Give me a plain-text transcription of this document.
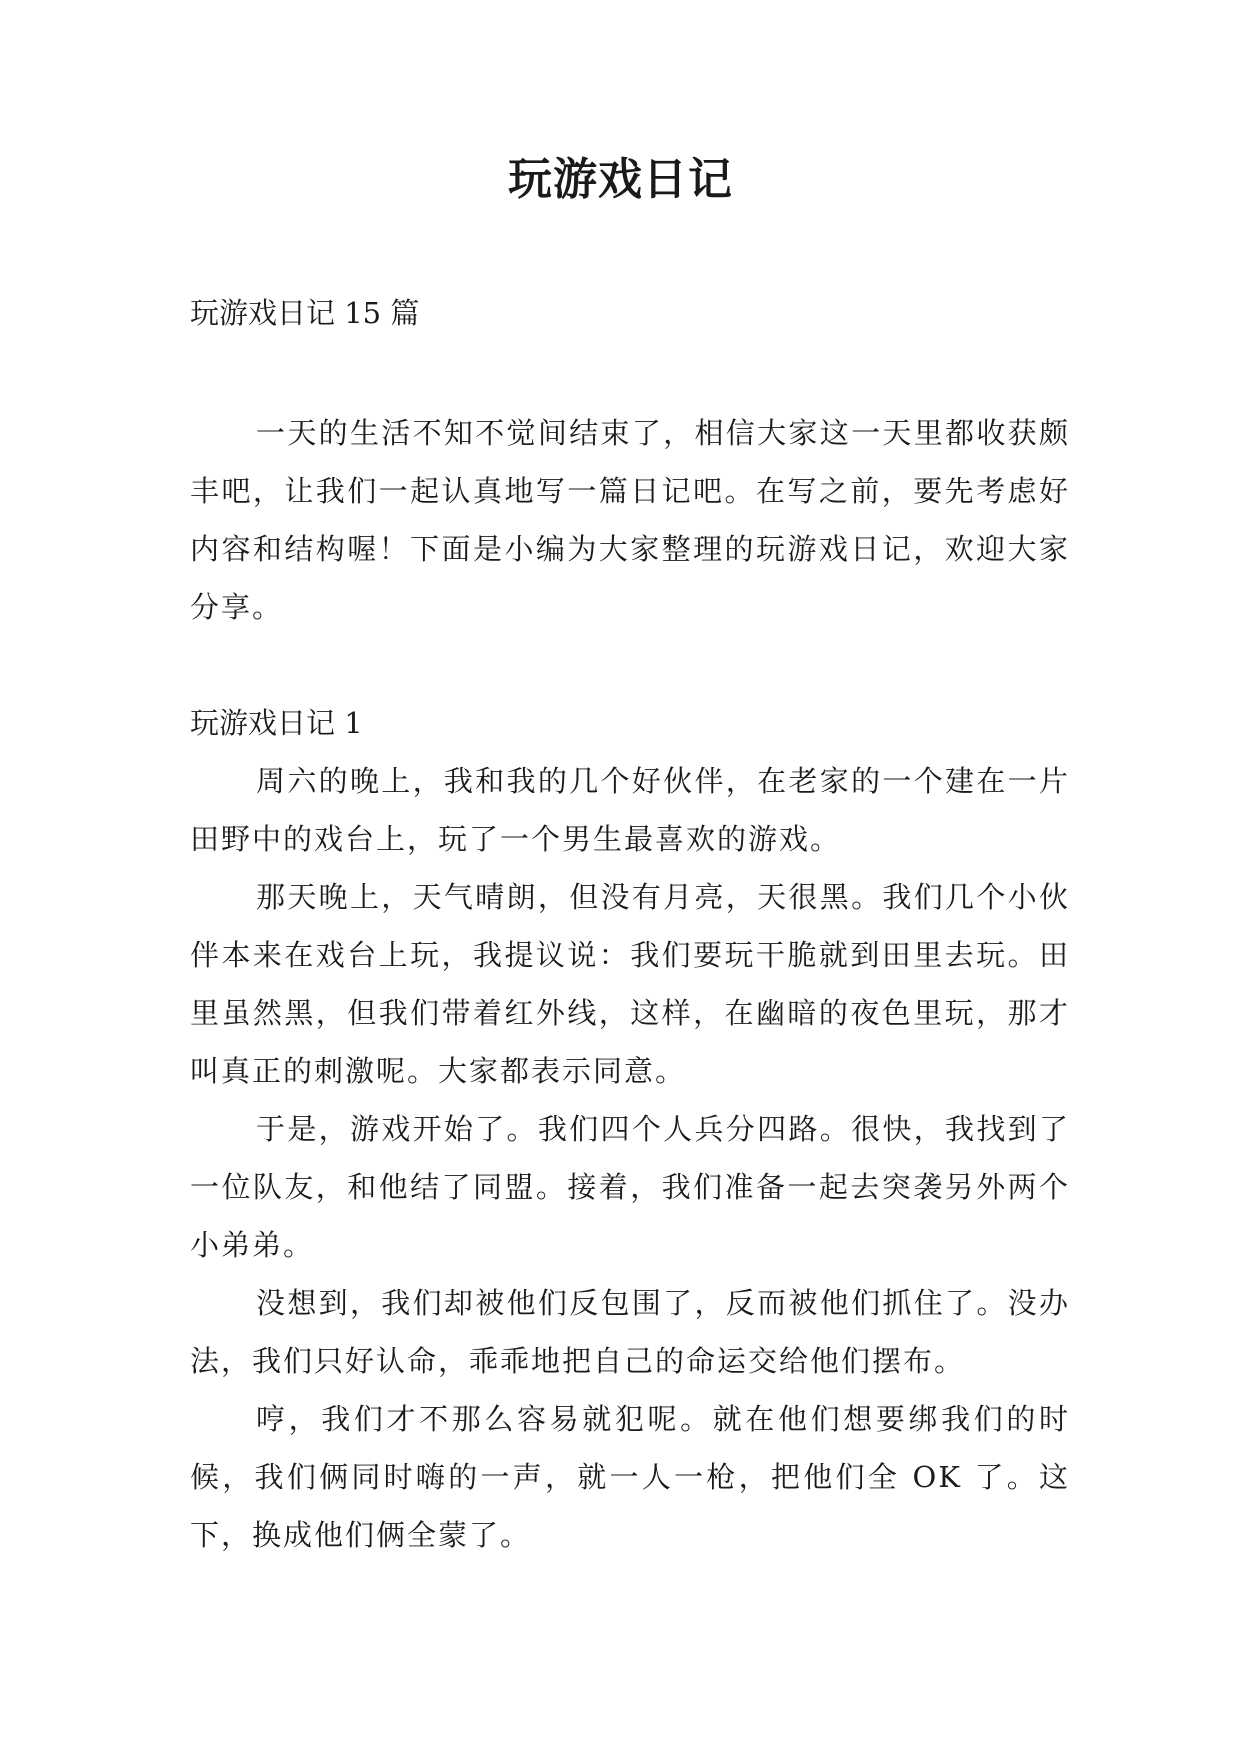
玩游戏日记
玩游戏日记 15 篇

一天的生活不知不觉间结束了，相信大家这一天里都收获颇丰吧，让我们一起认真地写一篇日记吧。在写之前，要先考虑好内容和结构喔！下面是小编为大家整理的玩游戏日记，欢迎大家分享。

玩游戏日记 1

周六的晚上，我和我的几个好伙伴，在老家的一个建在一片田野中的戏台上，玩了一个男生最喜欢的游戏。

那天晚上，天气晴朗，但没有月亮，天很黑。我们几个小伙伴本来在戏台上玩，我提议说：我们要玩干脆就到田里去玩。田里虽然黑，但我们带着红外线，这样，在幽暗的夜色里玩，那才叫真正的刺激呢。大家都表示同意。

于是，游戏开始了。我们四个人兵分四路。很快，我找到了一位队友，和他结了同盟。接着，我们准备一起去突袭另外两个小弟弟。

没想到，我们却被他们反包围了，反而被他们抓住了。没办法，我们只好认命，乖乖地把自己的命运交给他们摆布。

哼，我们才不那么容易就犯呢。就在他们想要绑我们的时候，我们俩同时嗨的一声，就一人一枪，把他们全 OK 了。这下，换成他们俩全蒙了。
